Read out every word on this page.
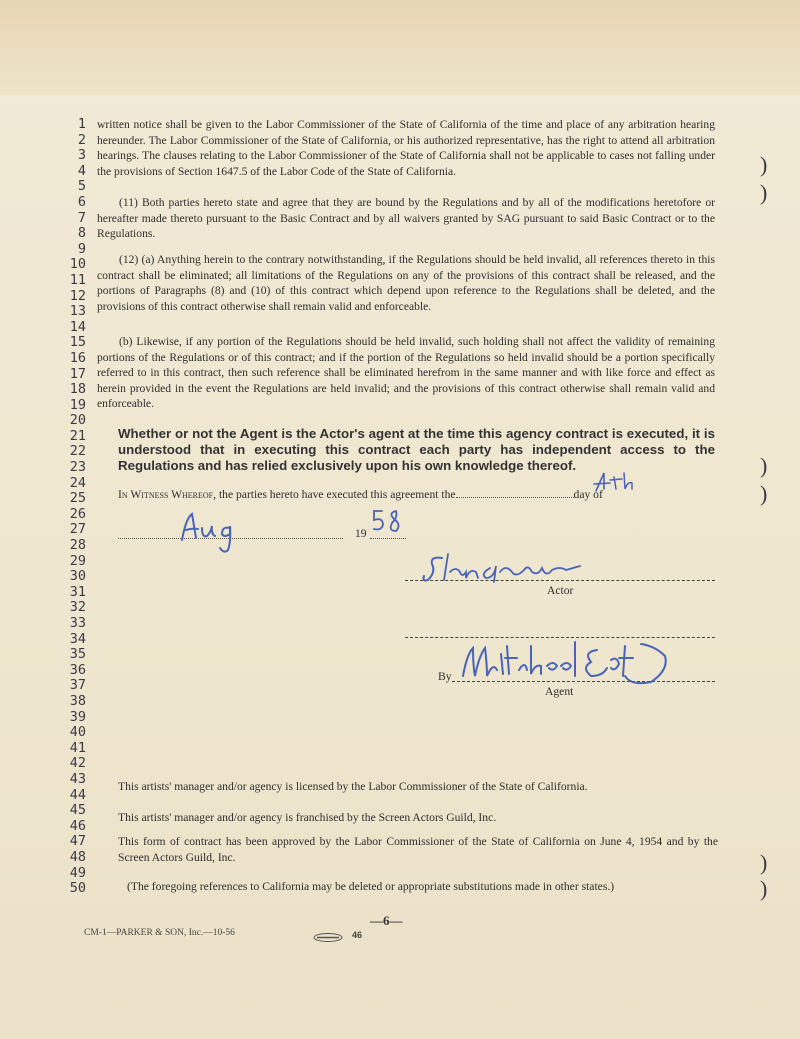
1
2
3
4
5
6
7
8
9
10
11
12
13
14
15
16
17
18
19
20
21
22
23
24
25
26
27
28
29
30
31
32
33
34
35
36
37
38
39
40
41
42
43
44
45
46
47
48
49
50

written notice shall be given to the Labor Commissioner of the State of California of the time and place of any arbitration hearing hereunder. The Labor Commissioner of the State of California, or his authorized representative, has the right to attend all arbitration hearings. The clauses relating to the Labor Commissioner of the State of California shall not be applicable to cases not falling under the provisions of Section 1647.5 of the Labor Code of the State of California.

(11) Both parties hereto state and agree that they are bound by the Regulations and by all of the modifications heretofore or hereafter made thereto pursuant to the Basic Contract and by all waivers granted by SAG pursuant to said Basic Contract or to the Regulations.

(12) (a) Anything herein to the contrary notwithstanding, if the Regulations should be held invalid, all references thereto in this contract shall be eliminated; all limitations of the Regulations on any of the provisions of this contract shall be released, and the portions of Paragraphs (8) and (10) of this contract which depend upon reference to the Regulations shall be deleted, and the provisions of this contract otherwise shall remain valid and enforceable.

(b) Likewise, if any portion of the Regulations should be held invalid, such holding shall not affect the validity of remaining portions of the Regulations or of this contract; and if the portion of the Regulations so held invalid should be a portion specifically referred to in this contract, then such reference shall be eliminated herefrom in the same manner and with like force and effect as herein provided in the event the Regulations are held invalid; and the provisions of this contract otherwise shall remain valid and enforceable.

Whether or not the Agent is the Actor's agent at the time this agency contract is executed, it is understood that in executing this contract each party has independent access to the Regulations and has relied exclusively upon his own knowledge thereof.
In Witness Whereof, the parties hereto have executed this agreement the	day of
19
Actor
By
Agent
This artists' manager and/or agency is licensed by the Labor Commissioner of the State of California.
This artists' manager and/or agency is franchised by the Screen Actors Guild, Inc.
This form of contract has been approved by the Labor Commissioner of the State of California on June 4, 1954 and by the Screen Actors Guild, Inc.
(The foregoing references to California may be deleted or appropriate substitutions made in other states.)
—6—
CM-1—PARKER & SON, Inc.—10-56	46
)
)
)
)
)
)
